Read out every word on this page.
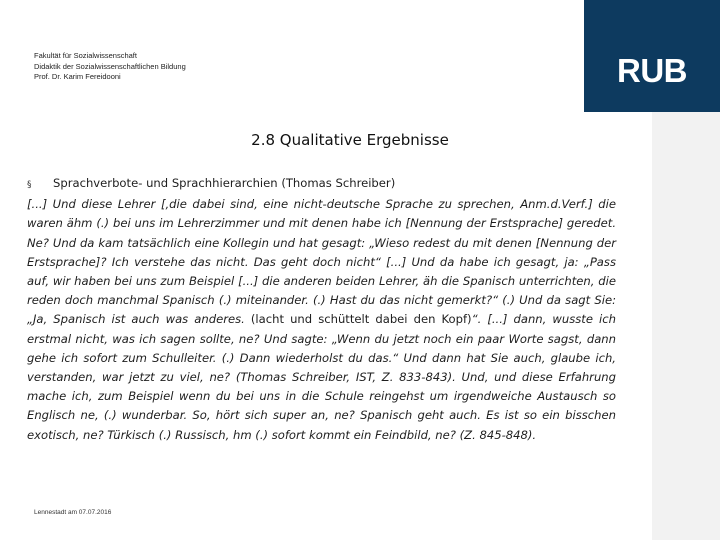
RUB
Fakultät für Sozialwissenschaft
Didaktik der Sozialwissenschaftlichen Bildung
Prof. Dr. Karim Fereidooni
2.8 Qualitative Ergebnisse
§ Sprachverbote- und Sprachhierarchien (Thomas Schreiber)
[...] Und diese Lehrer [‚die dabei sind, eine nicht-deutsche Sprache zu sprechen, Anm.d.Verf.] die waren ähm (.) bei uns im Lehrerzimmer und mit denen habe ich [Nennung der Erstsprache] geredet. Ne? Und da kam tatsächlich eine Kollegin und hat gesagt: „Wieso redest du mit denen [Nennung der Erstsprache]? Ich verstehe das nicht. Das geht doch nicht“ [...] Und da habe ich gesagt, ja: „Pass auf, wir haben bei uns zum Beispiel [...] die anderen beiden Lehrer, äh die Spanisch unterrichten, die reden doch manchmal Spanisch (.) miteinander. (.) Hast du das nicht gemerkt?“ (.) Und da sagt Sie: „Ja, Spanisch ist auch was anderes. (lacht und schüttelt dabei den Kopf)“. [...] dann, wusste ich erstmal nicht, was ich sagen sollte, ne? Und sagte: „Wenn du jetzt noch ein paar Worte sagst, dann gehe ich sofort zum Schulleiter. (.) Dann wiederholst du das.“ Und dann hat Sie auch, glaube ich, verstanden, war jetzt zu viel, ne? (Thomas Schreiber, IST, Z. 833-843). Und, und diese Erfahrung mache ich, zum Beispiel wenn du bei uns in die Schule reingehst um irgendweiche Austausch so Englisch ne, (.) wunderbar. So, hört sich super an, ne? Spanisch geht auch. Es ist so ein bisschen exotisch, ne? Türkisch (.) Russisch, hm (.) sofort kommt ein Feindbild, ne? (Z. 845-848).
Lennestadt am 07.07.2016
